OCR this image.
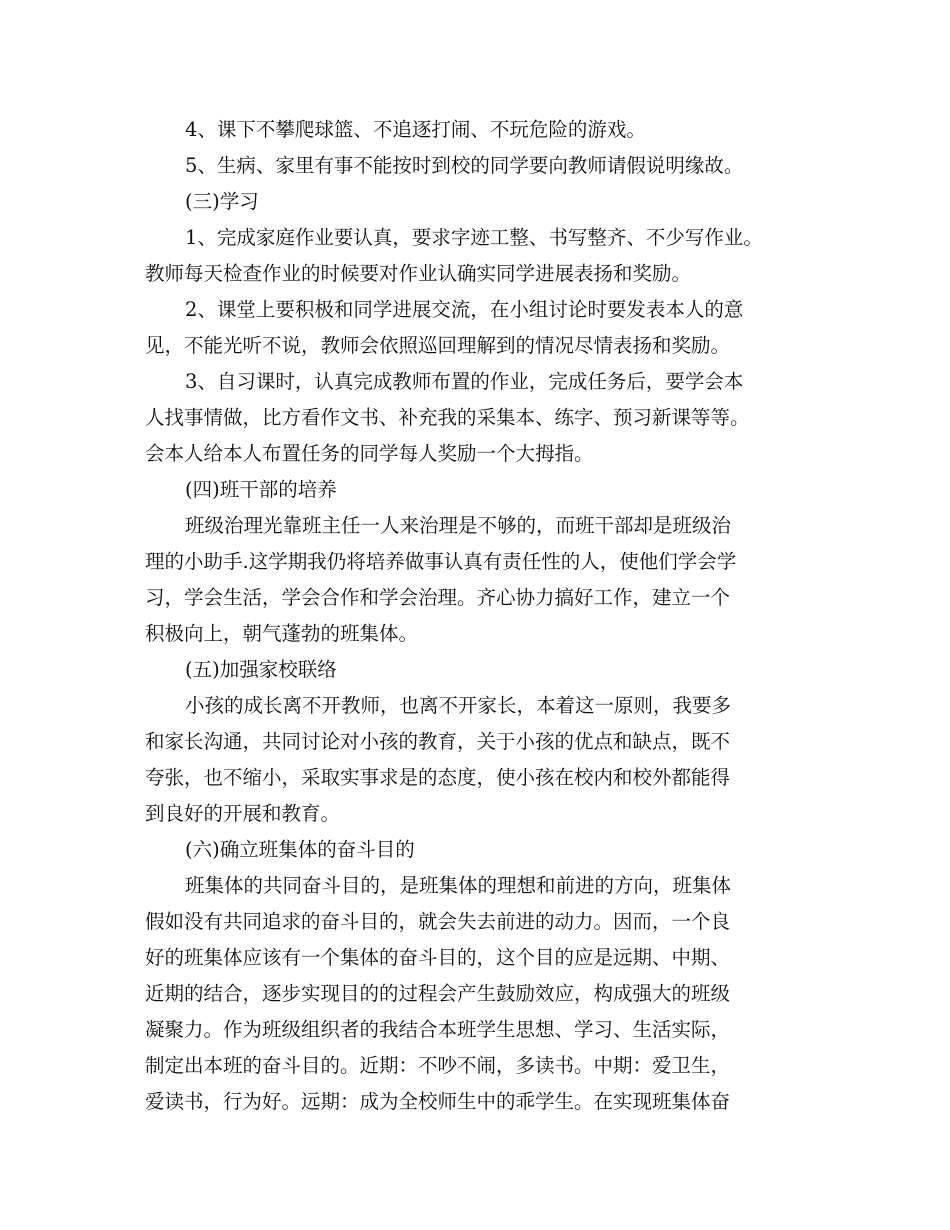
4、课下不攀爬球篮、不追逐打闹、不玩危险的游戏。
5、生病、家里有事不能按时到校的同学要向教师请假说明缘故。
(三)学习
1、完成家庭作业要认真，要求字迹工整、书写整齐、不少写作业。
教师每天检查作业的时候要对作业认确实同学进展表扬和奖励。
2、课堂上要积极和同学进展交流，在小组讨论时要发表本人的意
见，不能光听不说，教师会依照巡回理解到的情况尽情表扬和奖励。
3、自习课时，认真完成教师布置的作业，完成任务后，要学会本
人找事情做，比方看作文书、补充我的采集本、练字、预习新课等等。
会本人给本人布置任务的同学每人奖励一个大拇指。
(四)班干部的培养
班级治理光靠班主任一人来治理是不够的，而班干部却是班级治
理的小助手.这学期我仍将培养做事认真有责任性的人，使他们学会学
习，学会生活，学会合作和学会治理。齐心协力搞好工作，建立一个
积极向上，朝气蓬勃的班集体。
(五)加强家校联络
小孩的成长离不开教师，也离不开家长，本着这一原则，我要多
和家长沟通，共同讨论对小孩的教育，关于小孩的优点和缺点，既不
夸张，也不缩小，采取实事求是的态度，使小孩在校内和校外都能得
到良好的开展和教育。
(六)确立班集体的奋斗目的
班集体的共同奋斗目的，是班集体的理想和前进的方向，班集体
假如没有共同追求的奋斗目的，就会失去前进的动力。因而，一个良
好的班集体应该有一个集体的奋斗目的，这个目的应是远期、中期、
近期的结合，逐步实现目的的过程会产生鼓励效应，构成强大的班级
凝聚力。作为班级组织者的我结合本班学生思想、学习、生活实际，
制定出本班的奋斗目的。近期：不吵不闹，多读书。中期：爱卫生，
爱读书，行为好。远期：成为全校师生中的乖学生。在实现班集体奋
